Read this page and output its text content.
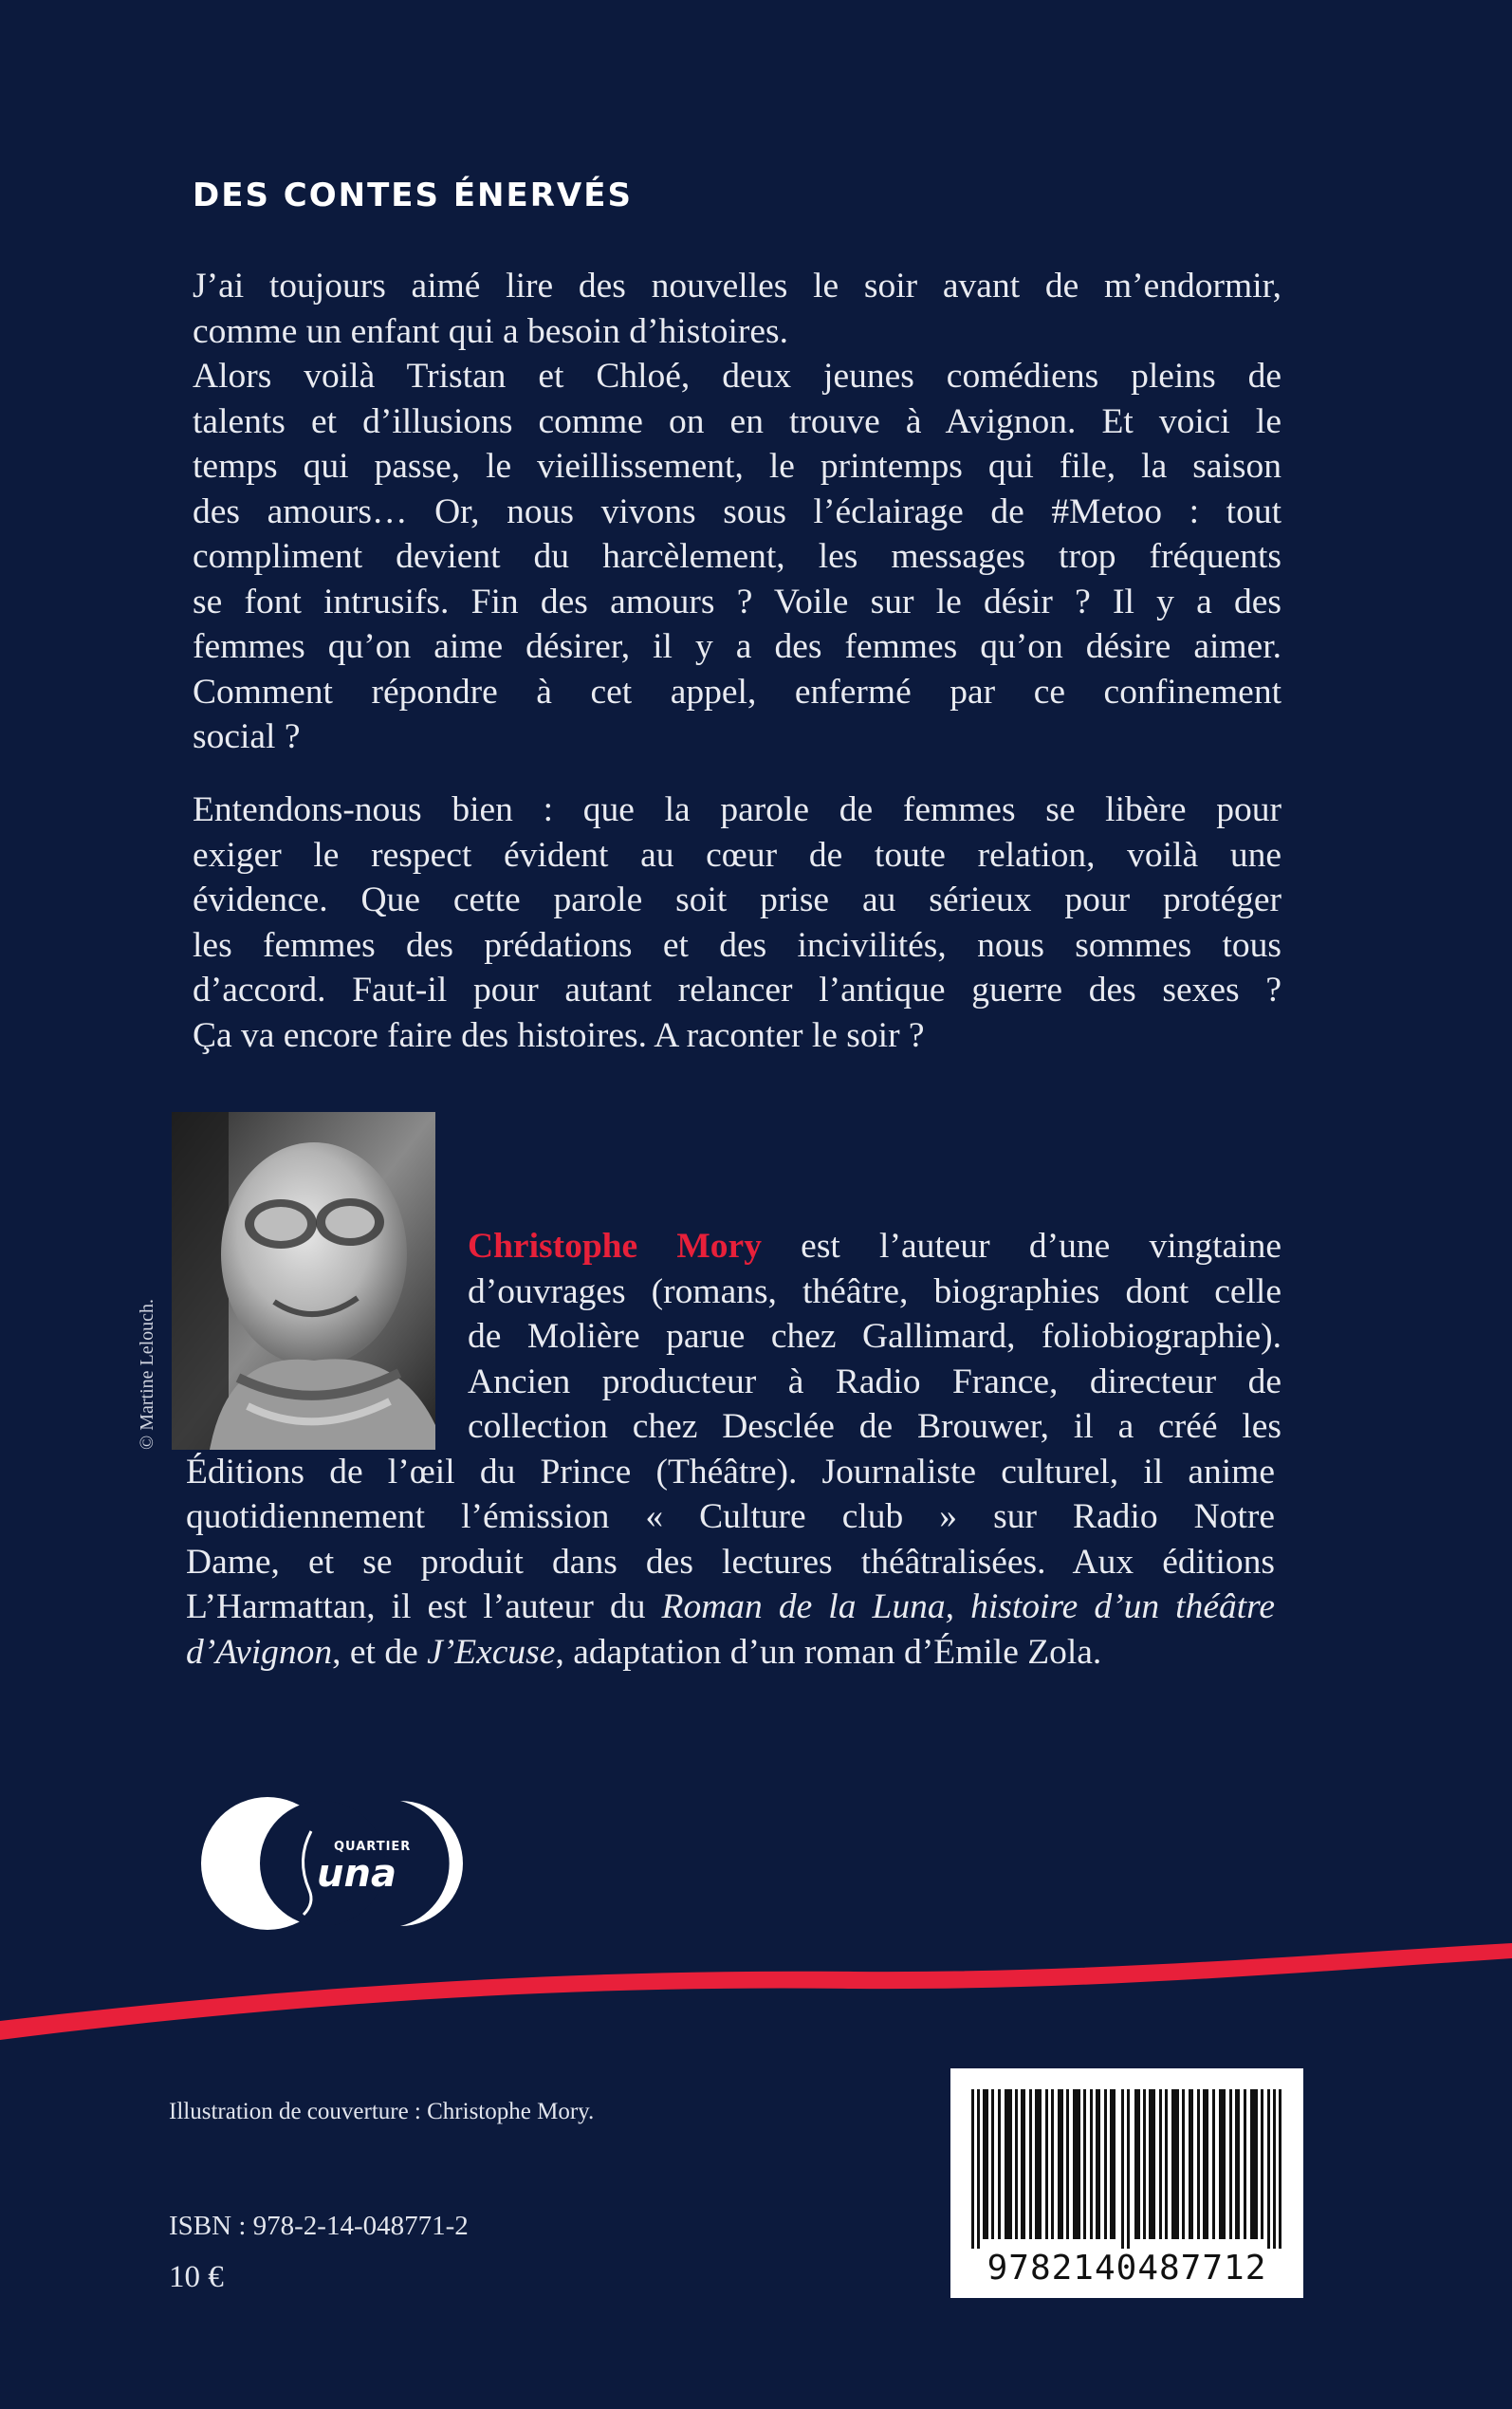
DES CONTES ÉNERVÉS
J’ai toujours aimé lire des nouvelles le soir avant de m’endormir,
comme un enfant qui a besoin d’histoires.
Alors voilà Tristan et Chloé, deux jeunes comédiens pleins de
talents et d’illusions comme on en trouve à Avignon. Et voici le
temps qui passe, le vieillissement, le printemps qui file, la saison
des amours… Or, nous vivons sous l’éclairage de #Metoo : tout
compliment devient du harcèlement, les messages trop fréquents
se font intrusifs. Fin des amours ? Voile sur le désir ? Il y a des
femmes qu’on aime désirer, il y a des femmes qu’on désire aimer.
Comment répondre à cet appel, enfermé par ce confinement
social ?
Entendons-nous bien : que la parole de femmes se libère pour
exiger le respect évident au cœur de toute relation, voilà une
évidence. Que cette parole soit prise au sérieux pour protéger
les femmes des prédations et des incivilités, nous sommes tous
d’accord. Faut-il pour autant relancer l’antique guerre des sexes ?
Ça va encore faire des histoires. A raconter le soir ?
© Martine Lelouch.
Christophe Mory est l’auteur d’une vingtaine
d’ouvrages (romans, théâtre, biographies dont celle
de Molière parue chez Gallimard, foliobiographie).
Ancien producteur à Radio France, directeur de
collection chez Desclée de Brouwer, il a créé les
Éditions de l’œil du Prince (Théâtre). Journaliste culturel, il anime
quotidiennement l’émission « Culture club » sur Radio Notre
Dame, et se produit dans des lectures théâtralisées. Aux éditions
L’Harmattan, il est l’auteur du Roman de la Luna, histoire d’un théâtre
d’Avignon, et de J’Excuse, adaptation d’un roman d’Émile Zola.
QUARTIER
una
Illustration de couverture : Christophe Mory.
ISBN : 978-2-14-048771-2
10 €	9782140487712
